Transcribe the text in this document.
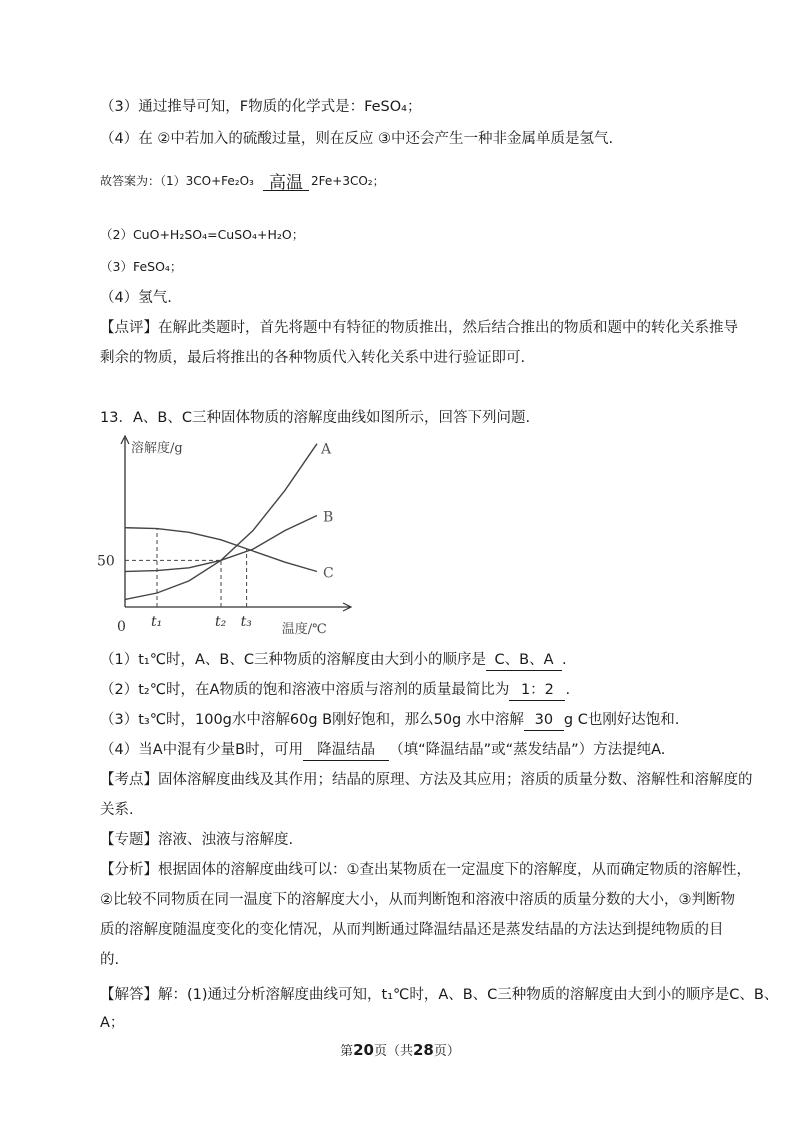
（3）通过推导可知，F物质的化学式是：FeSO₄；
（4）在 ②中若加入的硫酸过量，则在反应 ③中还会产生一种非金属单质是氢气.
故答案为：（1）3CO+Fe₂O₃ 高温 2Fe+3CO₂；
（2）CuO+H₂SO₄=CuSO₄+H₂O；
（3）FeSO₄；
（4）氢气.
【点评】在解此类题时，首先将题中有特征的物质推出，然后结合推出的物质和题中的转化关系推导
剩余的物质，最后将推出的各种物质代入转化关系中进行验证即可.
13．A、B、C三种固体物质的溶解度曲线如图所示，回答下列问题.
溶解度/g
温度/℃
0
50
A
B
C
t₁	t₂ t₃
（1）t₁℃时，A、B、C三种物质的溶解度由大到小的顺序是 C、B、A .
（2）t₂℃时，在A物质的饱和溶液中溶质与溶剂的质量最简比为 1：2 .
（3）t₃℃时，100g水中溶解60g B刚好饱和，那么50g 水中溶解 30 g C也刚好达饱和.
（4）当A中混有少量B时，可用 降温结晶 （填“降温结晶”或“蒸发结晶”）方法提纯A.
【考点】固体溶解度曲线及其作用；结晶的原理、方法及其应用；溶质的质量分数、溶解性和溶解度的
关系.
【专题】溶液、浊液与溶解度.
【分析】根据固体的溶解度曲线可以：①查出某物质在一定温度下的溶解度，从而确定物质的溶解性，
②比较不同物质在同一温度下的溶解度大小，从而判断饱和溶液中溶质的质量分数的大小，③判断物
质的溶解度随温度变化的变化情况，从而判断通过降温结晶还是蒸发结晶的方法达到提纯物质的目
的.
【解答】解：(1)通过分析溶解度曲线可知，t₁℃时，A、B、C三种物质的溶解度由大到小的顺序是C、B、
A；
第20页（共28页）
